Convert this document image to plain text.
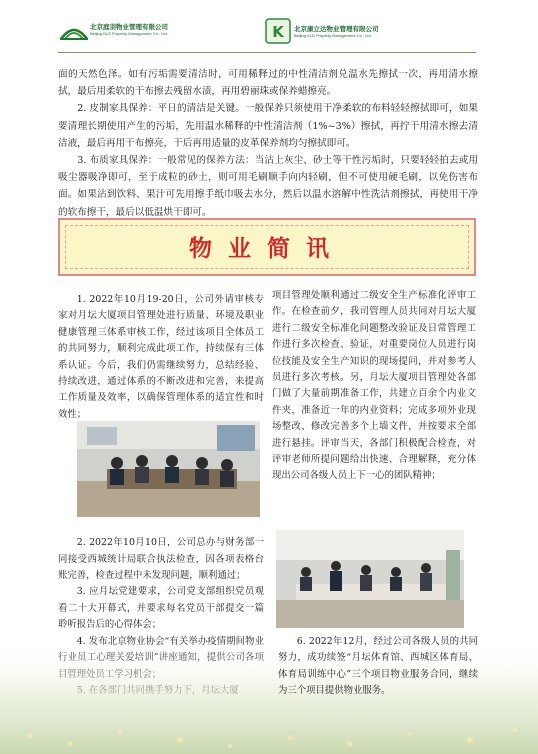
北京庭羽物业管理有限公司
Beijing DLS Property Management Co., Ltd.	K 北京康立达物业管理有限公司
Beijing KLD Property Management Co., Ltd.

面的天然色泽。如有污垢需要清洁时，可用稀释过的中性清洁剂兑温水先擦拭一次，再用清水擦拭，最后用柔软的干布擦去残留水渍，再用碧丽珠或保养蜡擦亮。

2. 皮制家具保养：平日的清洁是关键。一般保养只须使用干净柔软的布料轻轻擦拭即可，如果要清理长期使用产生的污垢，先用温水稀释的中性清洁剂（1%~3%）擦拭，再拧干用清水擦去清洁液，最后再用干布擦亮，干后再用适量的皮革保养剂均匀擦拭即可。

3. 布质家具保养：一般常见的保养方法：当沾上灰尘、砂土等干性污垢时，只要轻轻拍去或用吸尘器吸净即可，至于成粒的砂土，则可用毛刷顺手向内轻刷，但不可使用硬毛刷，以免伤害布面。如果沾到饮料、果汁可先用擦手纸巾吸去水分，然后以温水溶解中性洗洁剂擦拭，再使用干净的软布擦干，最后以低温烘干即可。

物业简讯

1. 2022年10月19-20日，公司外请审核专家对月坛大厦项目管理处进行质量、环境及职业健康管理三体系审核工作，经过该项目全体员工的共同努力，顺利完成此项工作，持续保有三体系认证。今后，我们仍需继续努力，总结经验、持续改进，通过体系的不断改进和完善，来提高工作质量及效率，以确保管理体系的适宜性和时效性；

2. 2022年10月10日，公司总办与财务部一同接受西城统计局联合执法检查，因各项表格台账完善，检查过程中未发现问题，顺利通过；

3. 应月坛党建要求，公司党支部组织党员观看二十大开幕式，并要求每名党员干部提交一篇聆听报告后的心得体会；

项目管理处顺利通过二级安全生产标准化评审工作。在检查前夕，我司管理人员共同对月坛大厦进行二级安全标准化问题整改验证及日常管理工作进行多次检查、验证，对重要岗位人员进行岗位技能及安全生产知识的现场提问，并对参考人员进行多次考核。另，月坛大厦项目管理处各部门做了大量前期准备工作，共建立百余个内业文件夹，准备近一年的内业资料；完成多项外业现场整改、修改完善多个上墙文件，并按要求全部进行悬挂。评审当天，各部门积极配合检查，对评审老师所提问题给出快速、合理解释，充分体现出公司各级人员上下一心的团队精神；

6. 2022年12月，经过公司各级人员的共同努力，成功续签“月坛体育馆、西城区体育局、体育局训练中心”三个项目物业服务合同，继续为三个项目提供物业服务。
